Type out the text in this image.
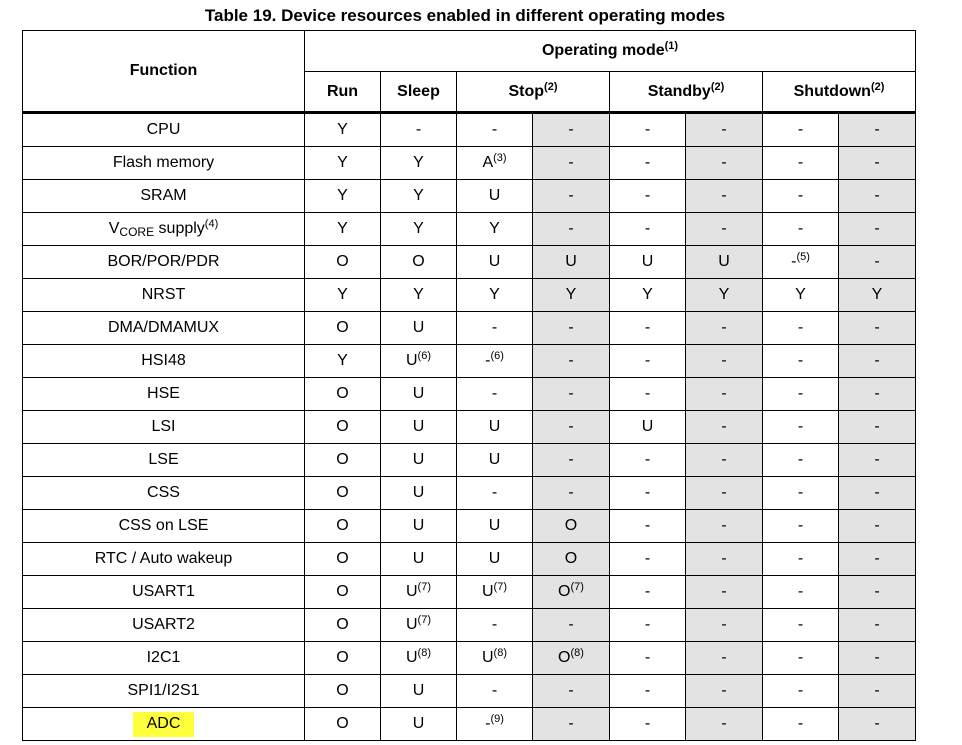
Table 19. Device resources enabled in different operating modes
Function	Operating mode$^{(1)}$
	Run	Sleep	Stop$^{(2)}$		Standby$^{(2)}$		Shutdown$^{(2)}$
CPU	Y	-	-	-	-	-	-	-
Flash memory	Y	Y	$A^{(3)}$	-	-	-	-	-
SRAM	Y	Y	U	-	-	-	-	-
$V_{CORE}$ supply$^{(4)}$	Y	Y	Y	-	-	-	-	-
BOR/POR/PDR	O	O	U	U	U	U	-$^{(5)}$	-
NRST	Y	Y	Y	Y	Y	Y	Y	Y
DMA/DMAMUX	O	U	-	-	-	-	-	-
HSI48	Y	$U^{(6)}$	-$^{(6)}$	-	-	-	-	-
HSE	O	U	-	-	-	-	-	-
LSI	O	U	U	-	U	-	-	-
LSE	O	U	U	-	-	-	-	-
CSS	O	U	-	-	-	-	-	-
CSS on LSE	O	U	U	O	-	-	-	-
RTC / Auto wakeup	O	U	U	O	-	-	-	-
USART1	O	$U^{(7)}$	$U^{(7)}$	$O^{(7)}$	-	-	-	-
USART2	O	$U^{(7)}$	-	-	-	-	-	-
I2C1	O	$U^{(8)}$	$U^{(8)}$	$O^{(8)}$	-	-	-	-
SPI1/I2S1	O	U	-	-	-	-	-	-
ADC	O	U	-$^{(9)}$	-	-	-	-	-
